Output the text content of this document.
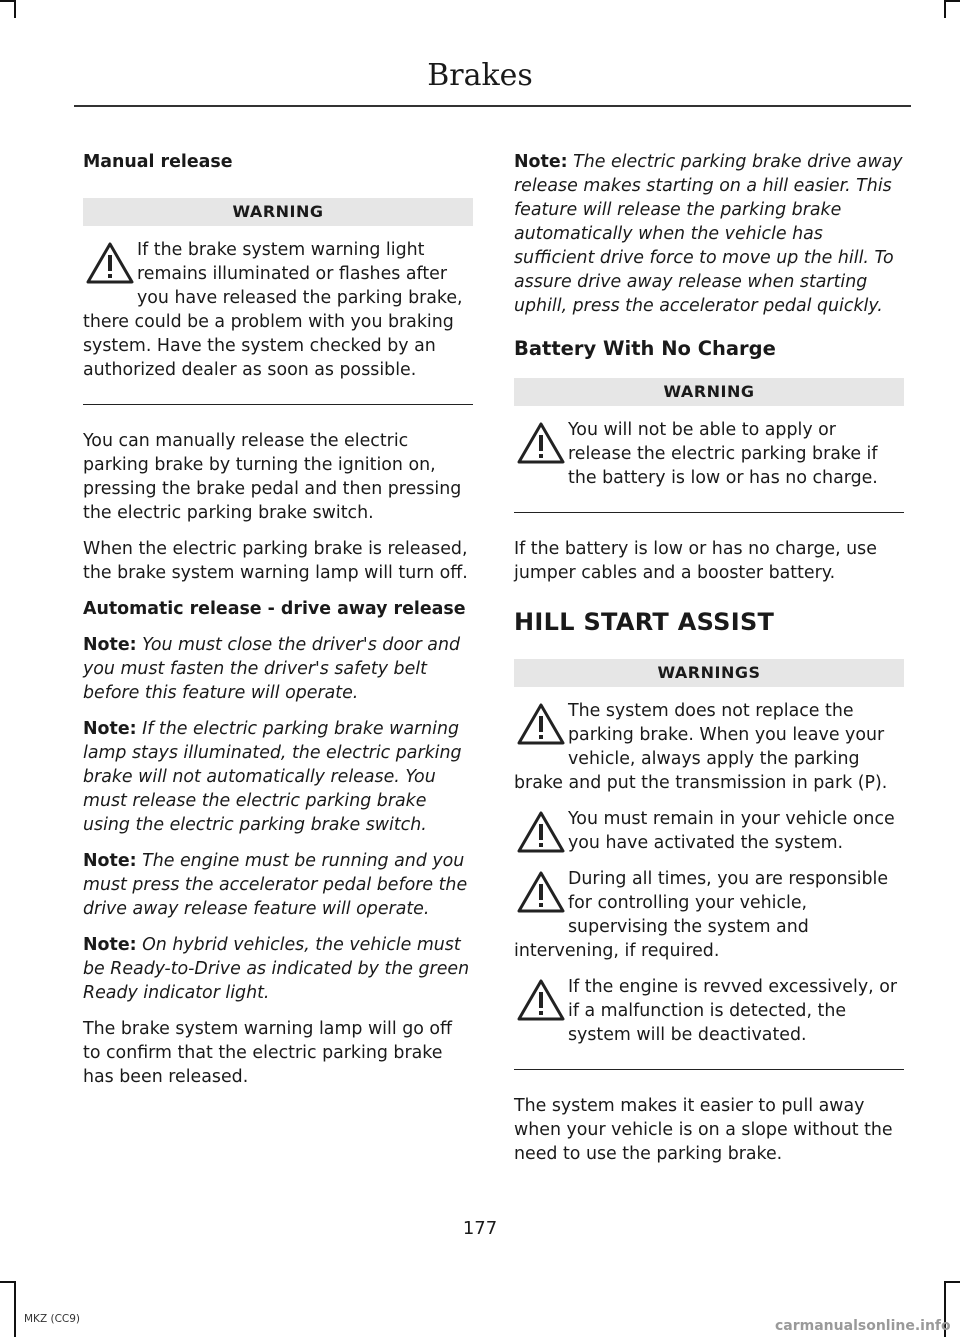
Brakes
Manual release
WARNING

If the brake system warning light remains illuminated or flashes after you have released the parking brake, there could be a problem with you braking system. Have the system checked by an authorized dealer as soon as possible.

You can manually release the electric parking brake by turning the ignition on, pressing the brake pedal and then pressing the electric parking brake switch.

When the electric parking brake is released, the brake system warning lamp will turn off.

Automatic release - drive away release

Note: You must close the driver's door and you must fasten the driver's safety belt before this feature will operate.

Note: If the electric parking brake warning lamp stays illuminated, the electric parking brake will not automatically release. You must release the electric parking brake using the electric parking brake switch.

Note: The engine must be running and you must press the accelerator pedal before the drive away release feature will operate.

Note: On hybrid vehicles, the vehicle must be Ready-to-Drive as indicated by the green Ready indicator light.

The brake system warning lamp will go off to confirm that the electric parking brake has been released.

Note: The electric parking brake drive away release makes starting on a hill easier. This feature will release the parking brake automatically when the vehicle has sufficient drive force to move up the hill. To assure drive away release when starting uphill, press the accelerator pedal quickly.

Battery With No Charge
WARNING

You will not be able to apply or release the electric parking brake if the battery is low or has no charge.

If the battery is low or has no charge, use jumper cables and a booster battery.

HILL START ASSIST
WARNINGS

The system does not replace the parking brake. When you leave your vehicle, always apply the parking brake and put the transmission in park (P).

You must remain in your vehicle once you have activated the system.

During all times, you are responsible for controlling your vehicle, supervising the system and intervening, if required.

If the engine is revved excessively, or if a malfunction is detected, the system will be deactivated.

The system makes it easier to pull away when your vehicle is on a slope without the need to use the parking brake.

177
MKZ (CC9)	carmanualsonline.info
